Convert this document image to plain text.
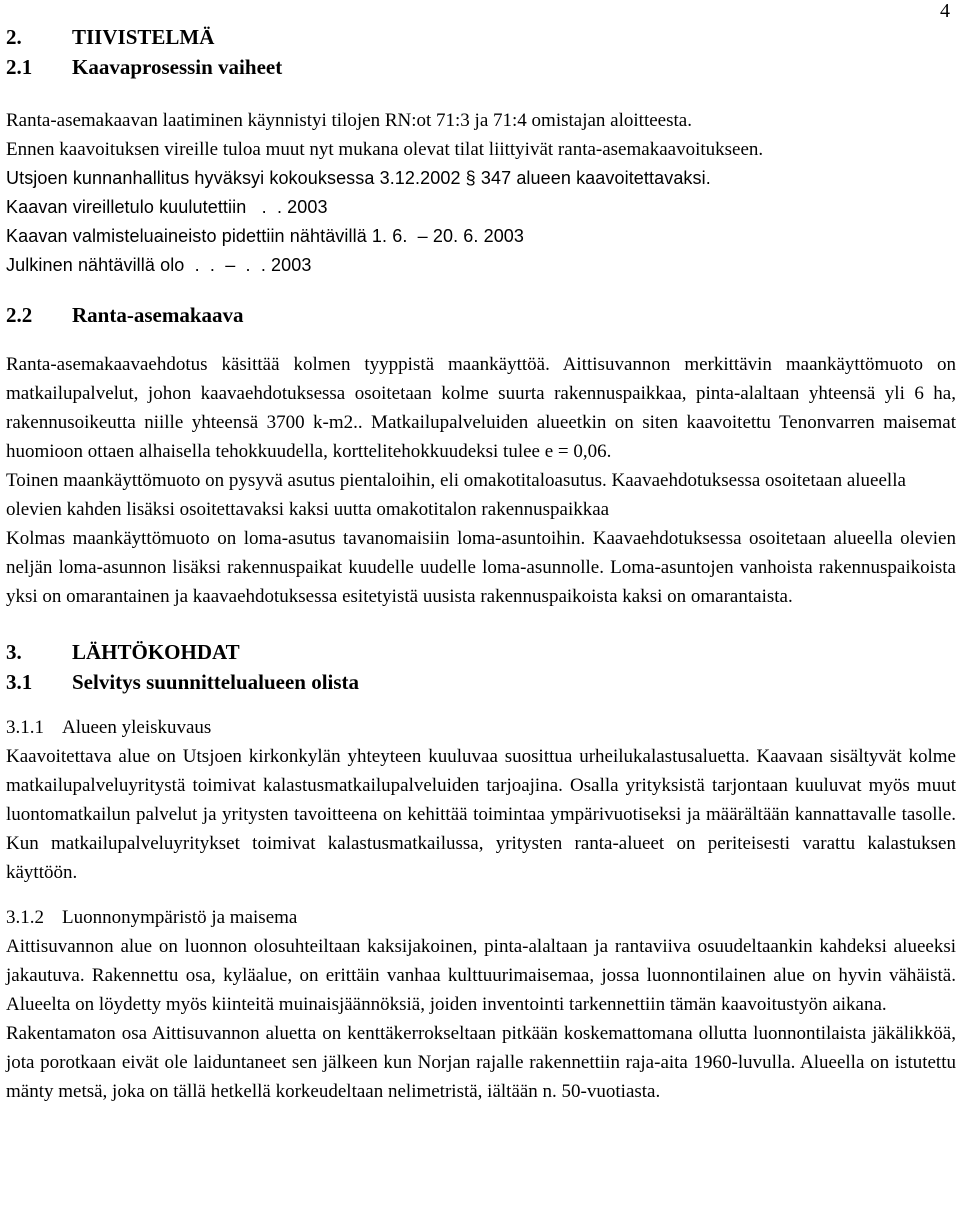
4
2. TIIVISTELMÄ
2.1 Kaavaprosessin vaiheet

Ranta-asemakaavan laatiminen käynnistyi tilojen RN:ot 71:3 ja 71:4 omistajan aloitteesta.

Ennen kaavoituksen vireille tuloa muut nyt mukana olevat tilat liittyivät ranta-asemakaavoitukseen.

Utsjoen kunnanhallitus hyväksyi kokouksessa 3.12.2002 § 347 alueen kaavoitettavaksi.

Kaavan vireilletulo kuulutettiin   .  . 2003

Kaavan valmisteluaineisto pidettiin nähtävillä 1. 6.  – 20. 6. 2003

Julkinen nähtävillä olo  .  .  –  .  . 2003

2.2 Ranta-asemakaava

Ranta-asemakaavaehdotus käsittää kolmen tyyppistä maankäyttöä. Aittisuvannon merkittävin maankäyttömuoto on matkailupalvelut, johon kaavaehdotuksessa osoitetaan kolme suurta rakennuspaikkaa, pinta-alaltaan yhteensä yli 6 ha, rakennusoikeutta niille yhteensä 3700 k-m2.. Matkailupalveluiden alueetkin on siten kaavoitettu Tenonvarren maisemat huomioon ottaen alhaisella tehokkuudella, korttelitehokkuudeksi tulee e = 0,06.

Toinen maankäyttömuoto on pysyvä asutus pientaloihin, eli omakotitaloasutus. Kaavaehdotuksessa osoitetaan alueella olevien kahden lisäksi osoitettavaksi kaksi uutta omakotitalon rakennuspaikkaa

Kolmas maankäyttömuoto on loma-asutus tavanomaisiin loma-asuntoihin. Kaavaehdotuksessa osoitetaan alueella olevien neljän loma-asunnon lisäksi rakennuspaikat kuudelle uudelle loma-asunnolle. Loma-asuntojen vanhoista rakennuspaikoista yksi on omarantainen ja kaavaehdotuksessa esitetyistä uusista rakennuspaikoista kaksi on omarantaista.

3. LÄHTÖKOHDAT
3.1 Selvitys suunnittelualueen olista
3.1.1 Alueen yleiskuvaus

Kaavoitettava alue on Utsjoen kirkonkylän yhteyteen kuuluvaa suosittua urheilukalastusaluetta. Kaavaan sisältyvät kolme matkailupalveluyritystä toimivat kalastusmatkailupalveluiden tarjoajina. Osalla yrityksistä tarjontaan kuuluvat myös muut luontomatkailun palvelut ja yritysten tavoitteena on kehittää toimintaa ympärivuotiseksi ja määrältään kannattavalle tasolle. Kun matkailupalveluyritykset toimivat kalastusmatkailussa, yritysten ranta-alueet on periteisesti varattu kalastuksen käyttöön.

3.1.2 Luonnonympäristö ja maisema

Aittisuvannon alue on luonnon olosuhteiltaan kaksijakoinen, pinta-alaltaan ja rantaviiva osuudeltaankin kahdeksi alueeksi jakautuva. Rakennettu osa, kyläalue, on erittäin vanhaa kulttuurimaisemaa, jossa luonnontilainen alue on hyvin vähäistä. Alueelta on löydetty myös kiinteitä muinaisjäännöksiä, joiden inventointi tarkennettiin tämän kaavoitustyön aikana.

Rakentamaton osa Aittisuvannon aluetta on kenttäkerrokseltaan pitkään koskemattomana ollutta luonnontilaista jäkälikköä, jota porotkaan eivät ole laiduntaneet sen jälkeen kun Norjan rajalle rakennettiin raja-aita 1960-luvulla. Alueella on istutettu mänty metsä, joka on tällä hetkellä korkeudeltaan nelimetristä, iältään n. 50-vuotiasta.
